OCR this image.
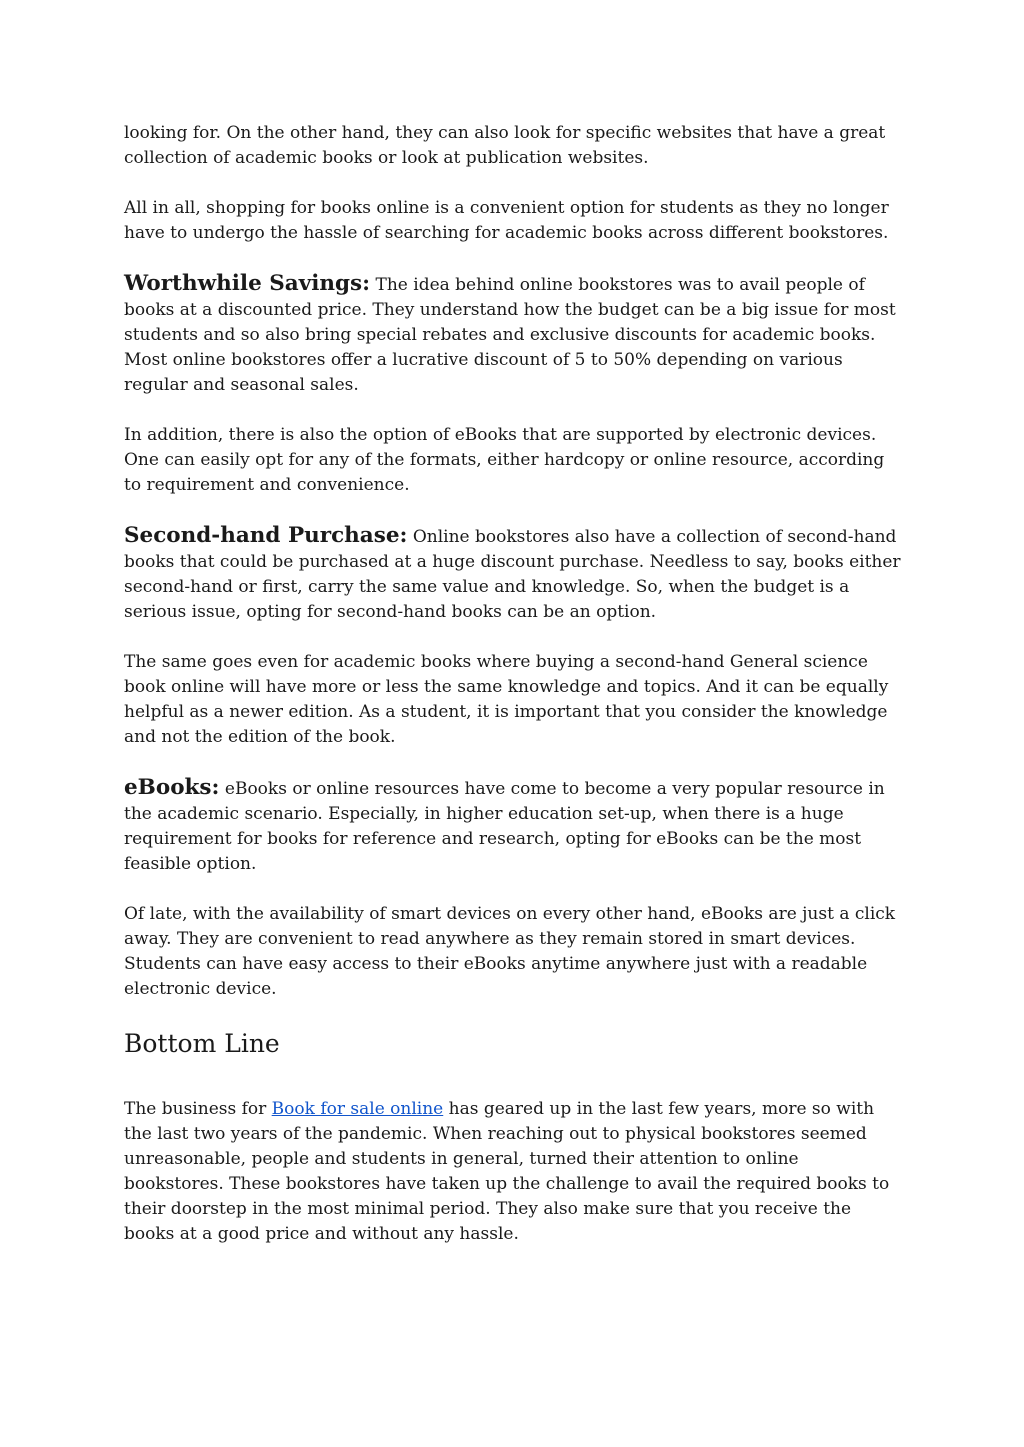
looking for. On the other hand, they can also look for specific websites that have a great collection of academic books or look at publication websites.

All in all, shopping for books online is a convenient option for students as they no longer have to undergo the hassle of searching for academic books across different bookstores.

Worthwhile Savings: The idea behind online bookstores was to avail people of books at a discounted price. They understand how the budget can be a big issue for most students and so also bring special rebates and exclusive discounts for academic books. Most online bookstores offer a lucrative discount of 5 to 50% depending on various regular and seasonal sales.

In addition, there is also the option of eBooks that are supported by electronic devices. One can easily opt for any of the formats, either hardcopy or online resource, according to requirement and convenience.

Second-hand Purchase: Online bookstores also have a collection of second-hand books that could be purchased at a huge discount purchase. Needless to say, books either second-hand or first, carry the same value and knowledge. So, when the budget is a serious issue, opting for second-hand books can be an option.

The same goes even for academic books where buying a second-hand General science book online will have more or less the same knowledge and topics. And it can be equally helpful as a newer edition. As a student, it is important that you consider the knowledge and not the edition of the book.

eBooks: eBooks or online resources have come to become a very popular resource in the academic scenario. Especially, in higher education set-up, when there is a huge requirement for books for reference and research, opting for eBooks can be the most feasible option.

Of late, with the availability of smart devices on every other hand, eBooks are just a click away. They are convenient to read anywhere as they remain stored in smart devices. Students can have easy access to their eBooks anytime anywhere just with a readable electronic device.

Bottom Line

The business for Book for sale online has geared up in the last few years, more so with the last two years of the pandemic. When reaching out to physical bookstores seemed unreasonable, people and students in general, turned their attention to online bookstores. These bookstores have taken up the challenge to avail the required books to their doorstep in the most minimal period. They also make sure that you receive the books at a good price and without any hassle.
